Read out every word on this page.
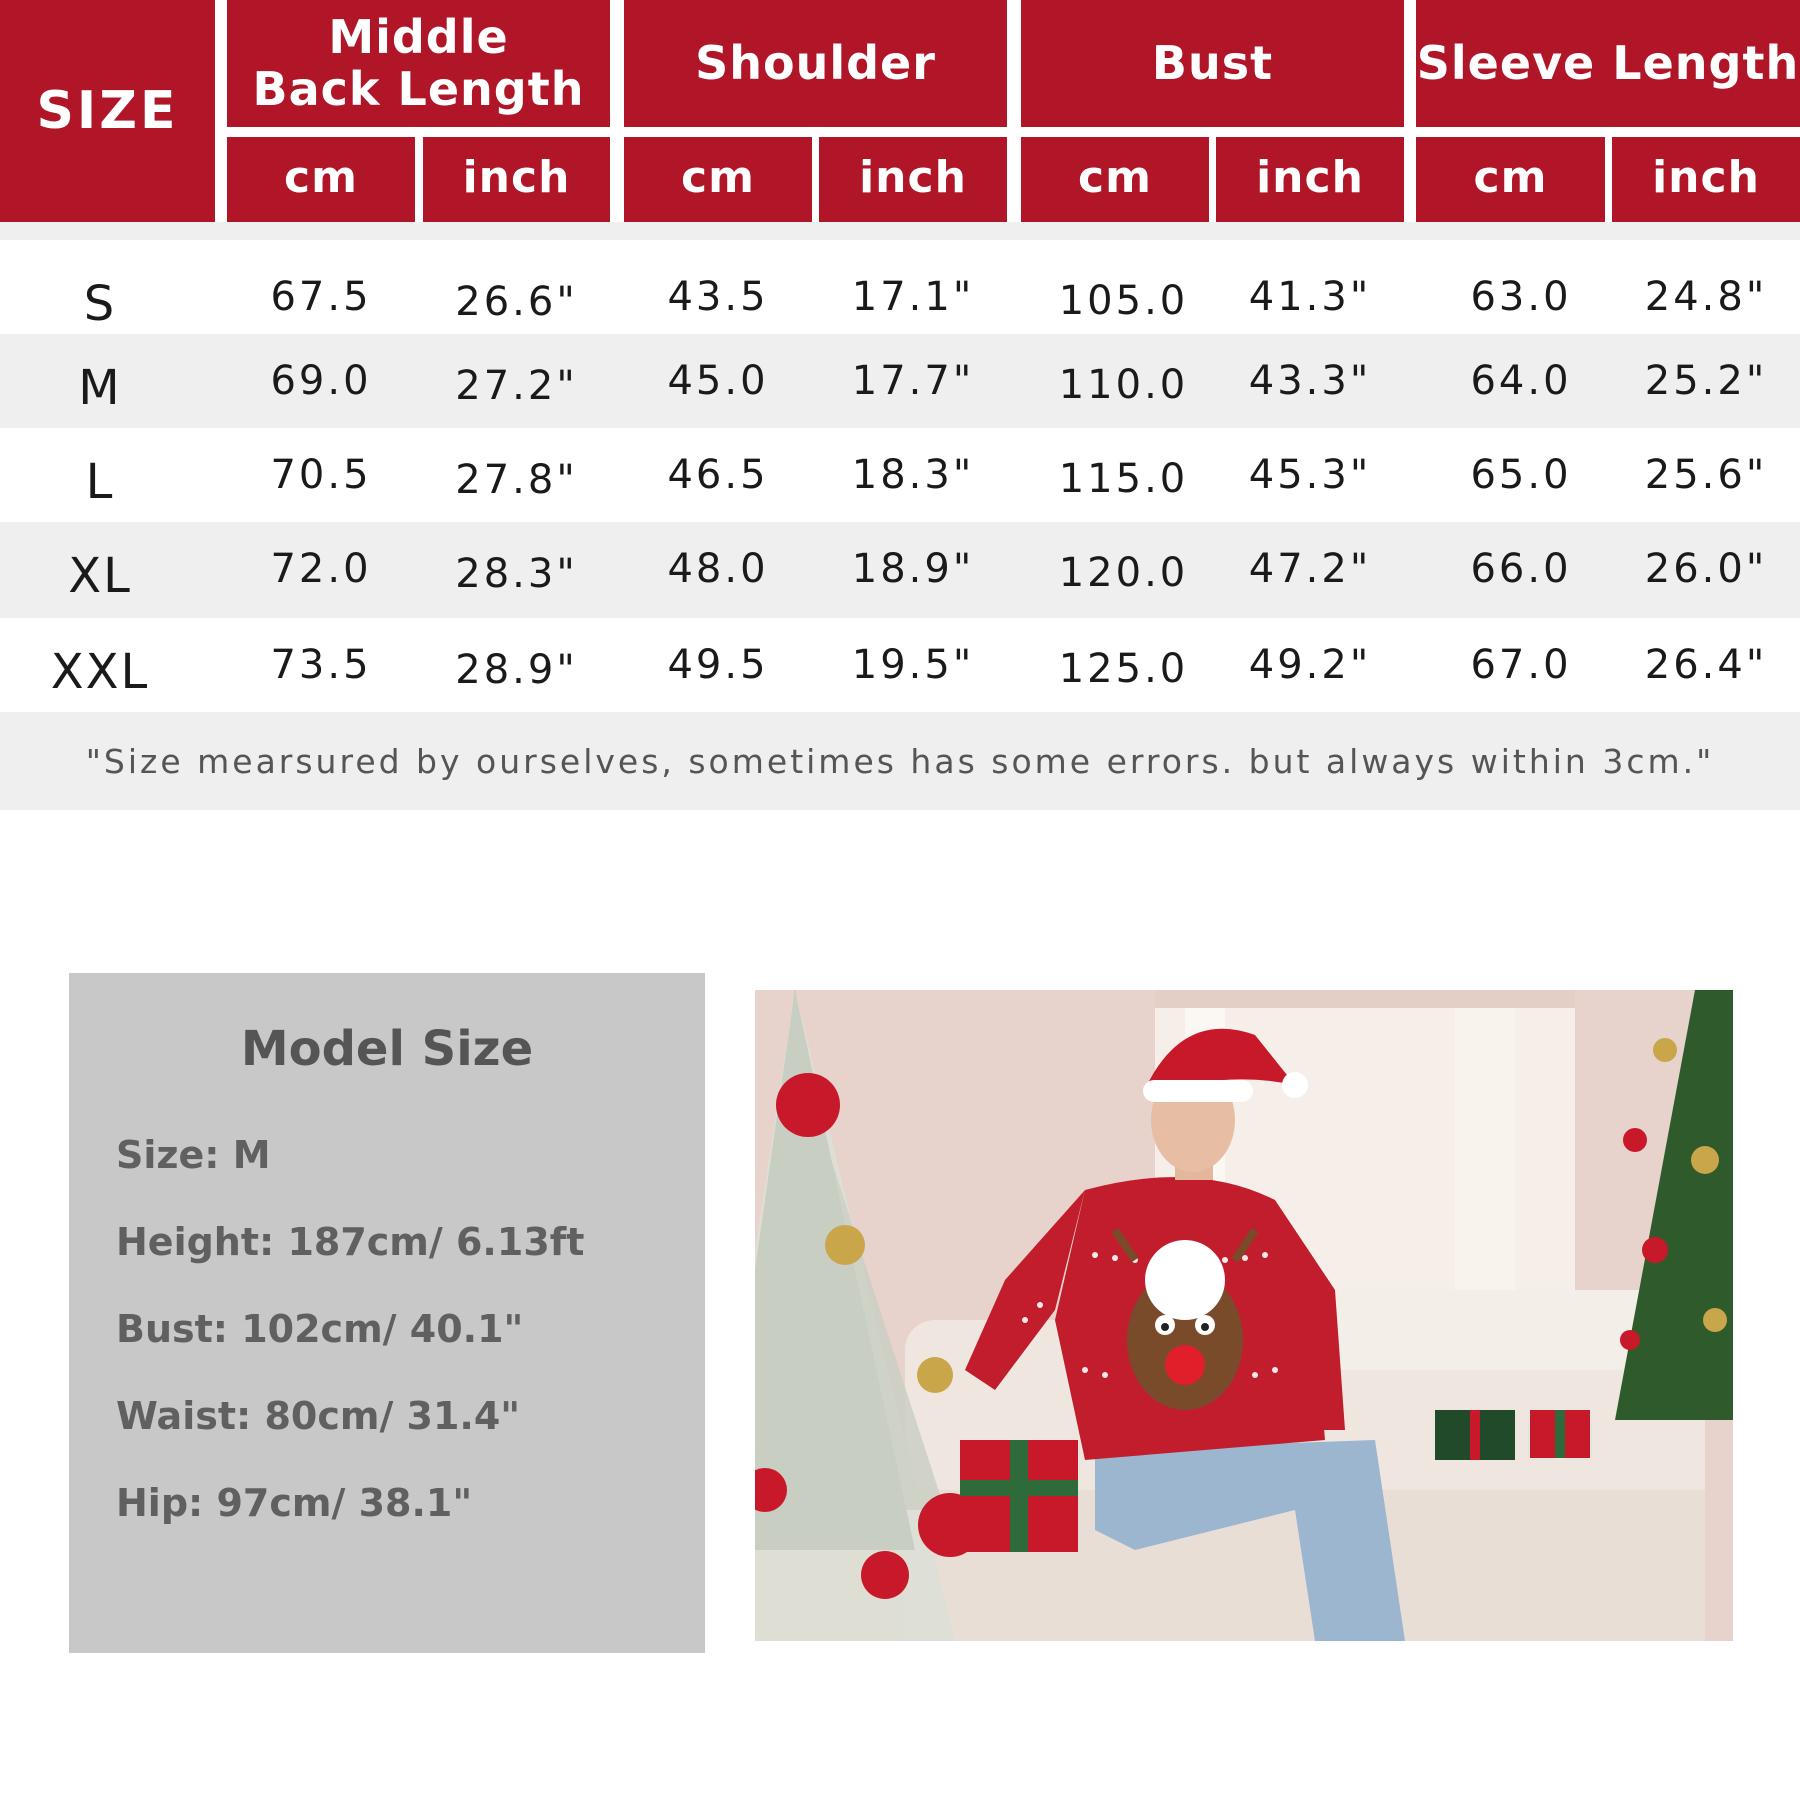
SIZE
Middle
Back Length	Shoulder	Bust	Sleeve Length
cm	inch	cm	inch	cm	inch	cm	inch
S	67.5	26.6"	43.5	17.1"	105.0	41.3"	63.0	24.8"
M	69.0	27.2"	45.0	17.7"	110.0	43.3"	64.0	25.2"
L	70.5	27.8"	46.5	18.3"	115.0	45.3"	65.0	25.6"
XL	72.0	28.3"	48.0	18.9"	120.0	47.2"	66.0	26.0"
XXL	73.5	28.9"	49.5	19.5"	125.0	49.2"	67.0	26.4"
"Size mearsured by ourselves, sometimes has some errors. but always within 3cm."
Model Size
Size: M
Height: 187cm/ 6.13ft
Bust: 102cm/ 40.1"
Waist: 80cm/ 31.4"
Hip: 97cm/ 38.1"
